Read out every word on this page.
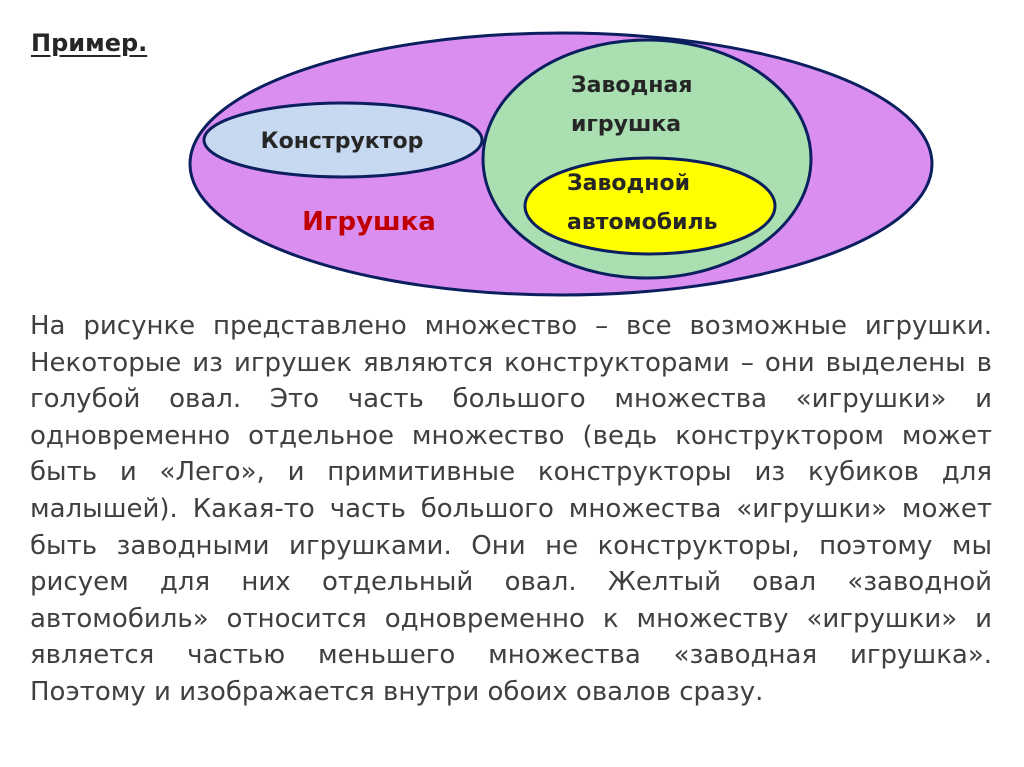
Пример.
Конструктор
Игрушка
Заводная
игрушка
Заводной
автомобиль
На рисунке представлено множество – все возможные игрушки. Некоторые из игрушек являются конструкторами – они выделены в голубой овал. Это часть большого множества «игрушки» и одновременно отдельное множество (ведь конструктором может быть и «Лего», и примитивные конструкторы из кубиков для малышей). Какая-то часть большого множества «игрушки» может быть заводными игрушками. Они не конструкторы, поэтому мы рисуем для них отдельный овал. Желтый овал «заводной автомобиль» относится одновременно к множеству «игрушки» и является частью меньшего множества «заводная игрушка». Поэтому и изображается внутри обоих овалов сразу.
